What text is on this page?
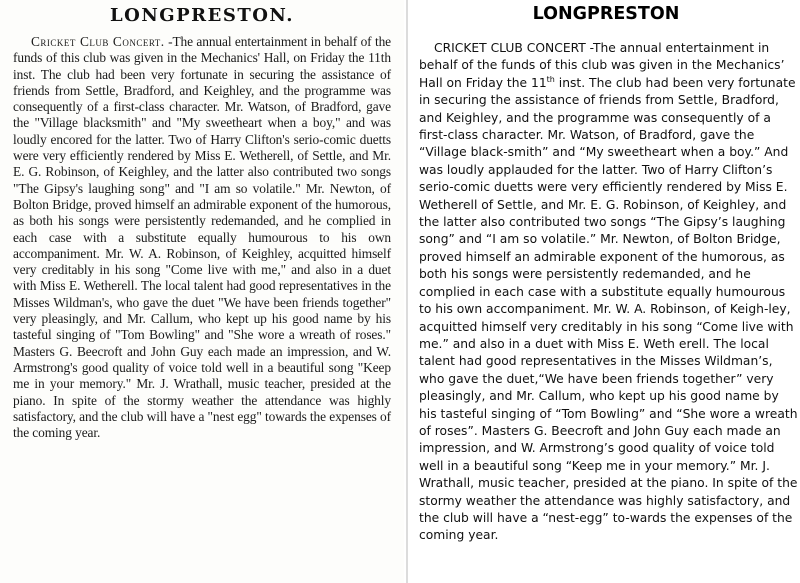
LONGPRESTON.
Cricket Club Concert. -The annual entertainment in behalf of the funds of this club was given in the Mechanics' Hall, on Friday the 11th inst. The club had been very fortunate in securing the assistance of friends from Settle, Bradford, and Keighley, and the programme was consequently of a first-class character. Mr. Watson, of Bradford, gave the "Village blacksmith" and "My sweetheart when a boy," and was loudly encored for the latter. Two of Harry Clifton's serio-comic duetts were very efficiently rendered by Miss E. Wetherell, of Settle, and Mr. E. G. Robinson, of Keighley, and the latter also contributed two songs "The Gipsy's laughing song" and "I am so volatile." Mr. Newton, of Bolton Bridge, proved himself an admirable exponent of the humorous, as both his songs were persistently redemanded, and he complied in each case with a substitute equally humourous to his own accompaniment. Mr. W. A. Robinson, of Keighley, acquitted himself very creditably in his song "Come live with me," and also in a duet with Miss E. Wetherell. The local talent had good representatives in the Misses Wildman's, who gave the duet "We have been friends together" very pleasingly, and Mr. Callum, who kept up his good name by his tasteful singing of "Tom Bowling" and "She wore a wreath of roses." Masters G. Beecroft and John Guy each made an impression, and W. Armstrong's good quality of voice told well in a beautiful song "Keep me in your memory." Mr. J. Wrathall, music teacher, presided at the piano. In spite of the stormy weather the attendance was highly satisfactory, and the club will have a "nest egg" towards the expenses of the coming year.
LONGPRESTON
CRICKET CLUB CONCERT -The annual entertainment in behalf of the funds of this club was given in the Mechanics’ Hall on Friday the 11th inst. The club had been very fortunate in securing the assistance of friends from Settle, Bradford, and Keighley, and the programme was consequently of a first-class character. Mr. Watson, of Bradford, gave the “Village black-smith” and “My sweetheart when a boy.” And was loudly applauded for the latter. Two of Harry Clifton’s serio-comic duetts were very efficiently rendered by Miss E. Wetherell of Settle, and Mr. E. G. Robinson, of Keighley, and the latter also contributed two songs “The Gipsy’s laughing song” and “I am so volatile.” Mr. Newton, of Bolton Bridge, proved himself an admirable exponent of the humorous, as both his songs were persistently redemanded, and he complied in each case with a substitute equally humourous to his own accompaniment. Mr. W. A. Robinson, of Keigh-ley, acquitted himself very creditably in his song “Come live with me.” and also in a duet with Miss E. Weth erell. The local talent had good representatives in the Misses Wildman’s, who gave the duet,“We have been friends together” very pleasingly, and Mr. Callum, who kept up his good name by his tasteful singing of “Tom Bowling” and “She wore a wreath of roses”. Masters G. Beecroft and John Guy each made an impression, and W. Armstrong’s good quality of voice told well in a beautiful song “Keep me in your memory.” Mr. J. Wrathall, music teacher, presided at the piano. In spite of the stormy weather the attendance was highly satisfactory, and the club will have a “nest-egg” to-wards the expenses of the coming year.
